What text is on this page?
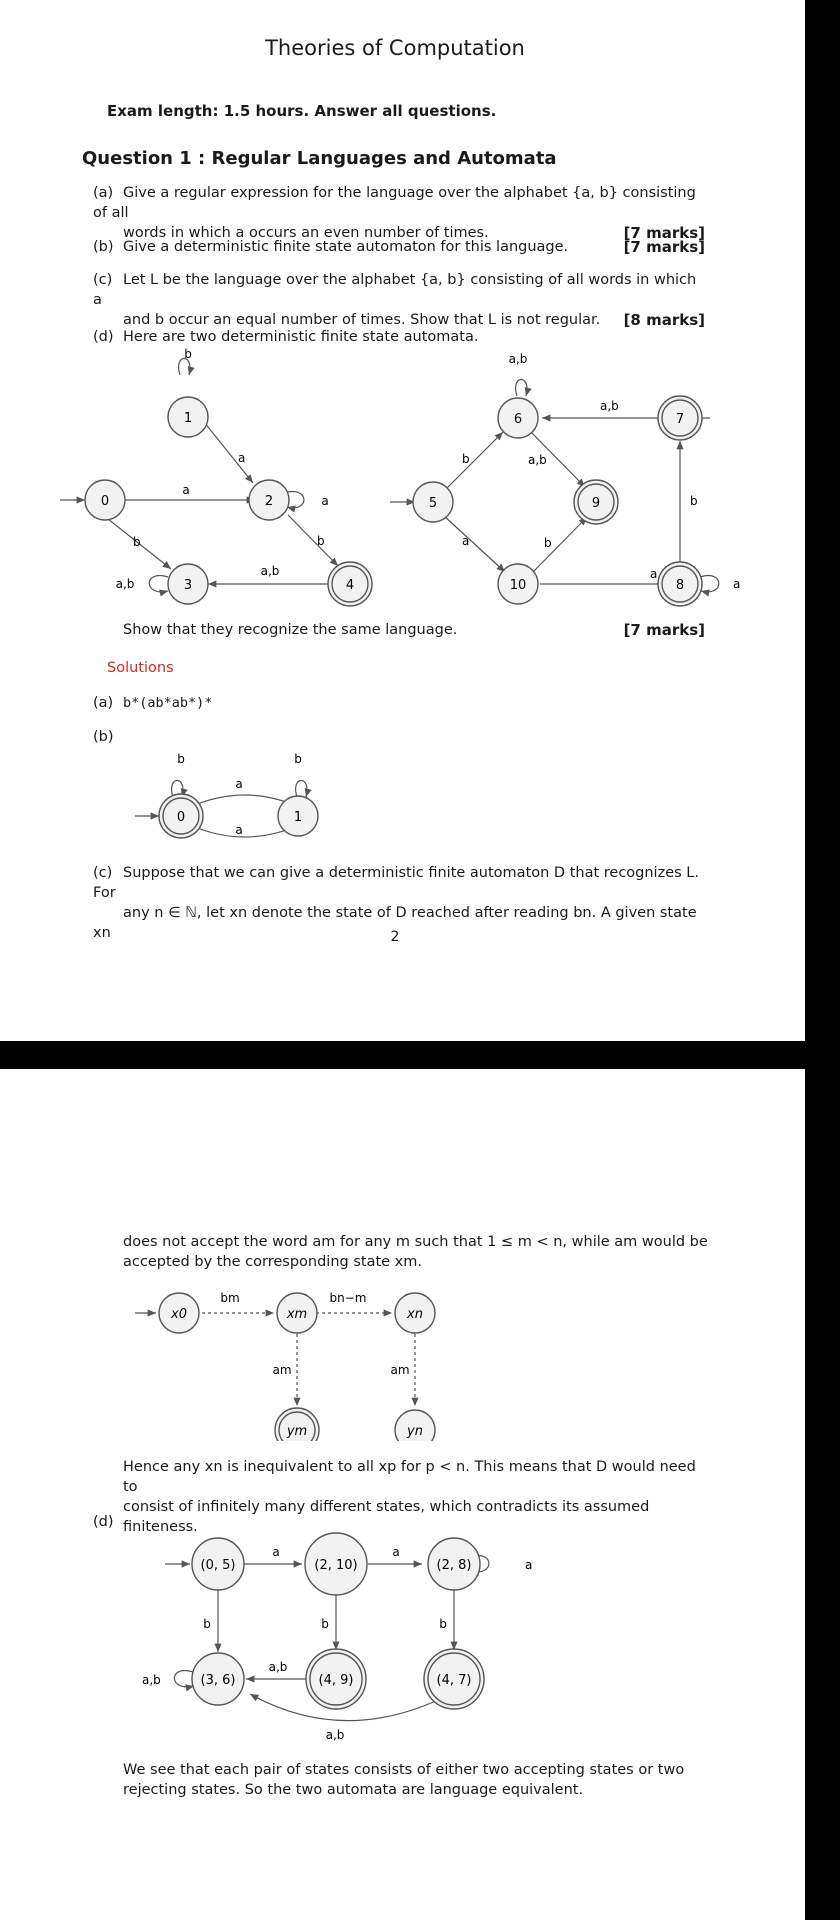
Theories of Computation
Exam length: 1.5 hours. Answer all questions.
Question 1 : Regular Languages and Automata
(a) Give a regular expression for the language over the alphabet {a, b} consisting of all
words in which a occurs an even number of times.	[7 marks]
(b) Give a deterministic finite state automaton for this language.	[7 marks]
(c) Let L be the language over the alphabet {a, b} consisting of all words in which a
and b occur an equal number of times. Show that L is not regular. [8 marks]
(d) Here are two deterministic finite state automata.
a
a
b	b
a,b
b
a
a,b
0
1
2
3	4
b
a
a,b
b
a,b
a
b
a,b
a
5
6	7
8
9
10
Show that they recognize the same language.	[7 marks]
Solutions
(a) b*(ab*ab*)*
(b)
a
a
b	b
0	1
(c) Suppose that we can give a deterministic finite automaton D that recognizes L. For
any n ∈ ℕ, let xn denote the state of D reached after reading bn. A given state xn	2
does not accept the word am for any m such that 1 ≤ m < n, while am would be
accepted by the corresponding state xm.
bm	bn−m
am	am
x0	xm	xn
ym	yn
Hence any xn is inequivalent to all xp for p < n. This means that D would need to
consist of infinitely many different states, which contradicts its assumed finiteness.
(d)
a	a
a
b	b	b
a,b
a,b
a,b
(0, 5)	(2, 10)	(2, 8)
(3, 6)	(4, 9)	(4, 7)
We see that each pair of states consists of either two accepting states or two
rejecting states. So the two automata are language equivalent.
